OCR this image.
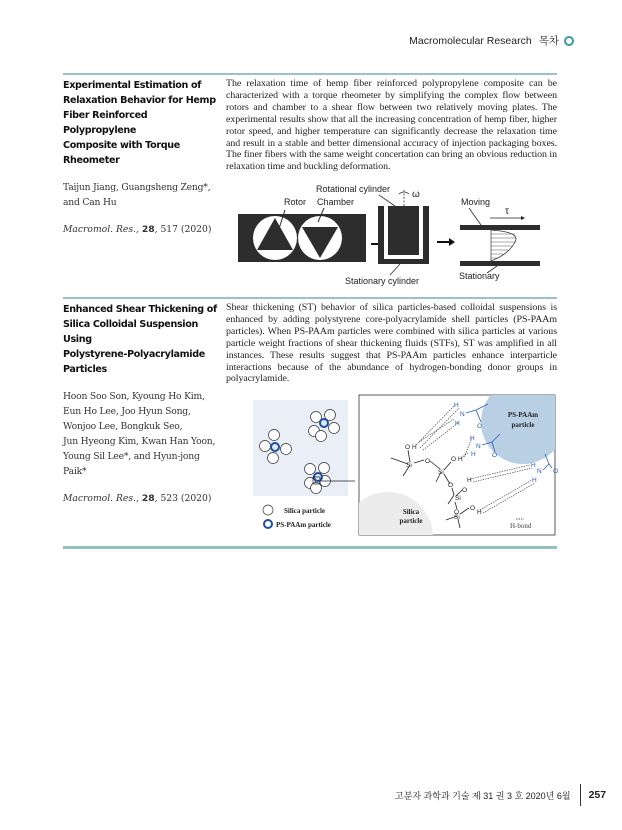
Macromolecular Research 목차

Experimental Estimation of
Relaxation Behavior for Hemp
Fiber Reinforced Polypropylene
Composite with Torque Rheometer

Taijun Jiang, Guangsheng Zeng*,
and Can Hu
Macromol. Res., 28, 517 (2020)

The relaxation time of hemp fiber reinforced polypropylene composite can be characterized with a torque rheometer by simplifying the complex flow between rotors and chamber to a shear flow between two relatively moving plates. The experimental results show that all the increasing concentration of hemp fiber, higher rotor speed, and higher temperature can significantly decrease the relaxation time and result in a stable and better dimensional accuracy of injection packaging boxes. The finer fibers with the same weight concertation can bring an obvious reduction in relaxation time and buckling deformation.

Rotor Chamber
ω
Rotational cylinder
Stationary cylinder
τ
Moving
Stationary

Enhanced Shear Thickening of
Silica Colloidal Suspension Using
Polystyrene-Polyacrylamide
Particles

Hoon Soo Son, Kyoung Ho Kim,
Eun Ho Lee, Joo Hyun Song,
Wonjoo Lee, Bongkuk Seo,
Jun Hyeong Kim, Kwan Han Yoon,
Young Sil Lee*, and Hyun-jong
Paik*
Macromol. Res., 28, 523 (2020)

Shear thickening (ST) behavior of silica particles-based colloidal suspensions is enhanced by adding polystyrene core-polyacrylamide shell particles (PS-PAAm particles). When PS-PAAm particles were combined with silica particles at various particle weight fractions of shear thickening fluids (STFs), ST was amplified in all instances. These results suggest that PS-PAAm particles enhance interparticle interactions because of the abundance of hydrogen-bonding donor groups in polyacrylamide.

Silica particle
PS-PAAm particle
PS-PAAm
particle
Silica
particle
Si
O
O H
Si
O H
O
Si
O
H
O
Si
O
H
H
N
H	O
H
N
H	O
H
N
H
O
H-bond
고분자 과학과 기술 제 31 권 3 호 2020년 6월 257
